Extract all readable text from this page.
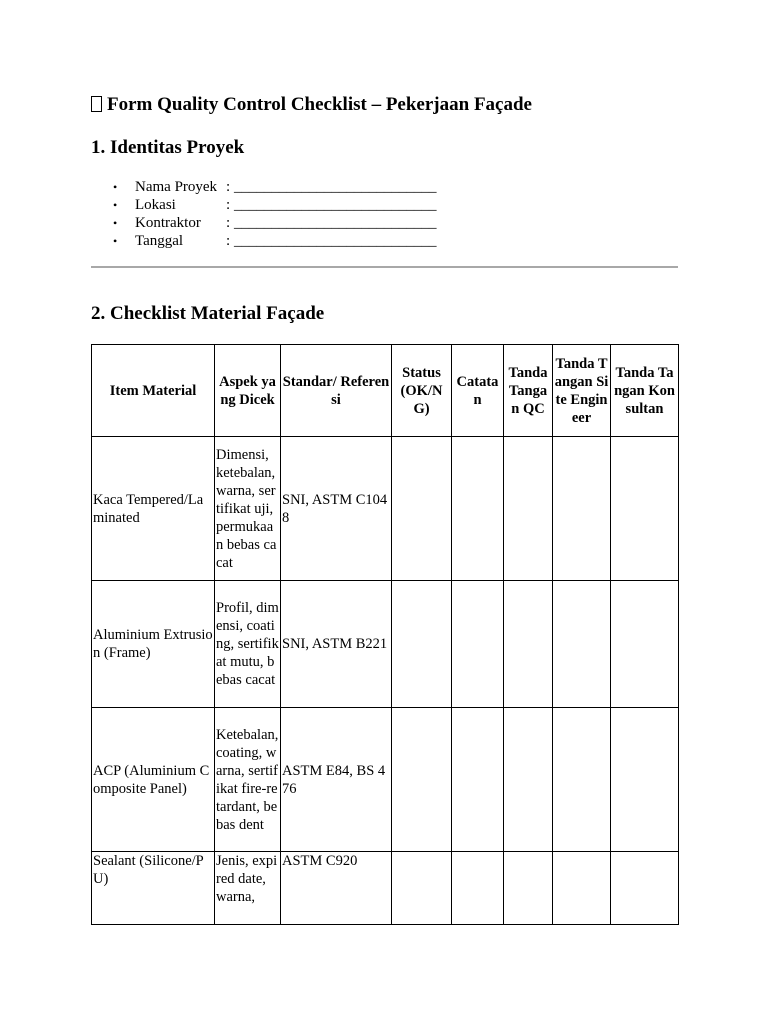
Form Quality Control Checklist – Pekerjaan Façade
1. Identitas Proyek
•	Nama Proyek : ___________________________
•	Lokasi	: ___________________________
•	Kontraktor	: ___________________________
•	Tanggal	: ___________________________
2. Checklist Material Façade
Item Material	Aspek yang Dicek	Standar/ Referensi	Status (OK/NG)	Catatan	Tanda Tangan QC	Tanda Tangan Site Engineer	Tanda Tangan Konsultan
Kaca Tempered/Laminated	Dimensi, ketebalan, warna, sertifikat uji, permukaan bebas cacat	SNI, ASTM C1048					
Aluminium Extrusion (Frame)	Profil, dimensi, coating, sertifikat mutu, bebas cacat	SNI, ASTM B221					
ACP (Aluminium Composite Panel)	Ketebalan, coating, warna, sertifikat fire-retardant, bebas dent	ASTM E84, BS 476					
Sealant (Silicone/PU)	Jenis, expired date, warna,	ASTM C920					
